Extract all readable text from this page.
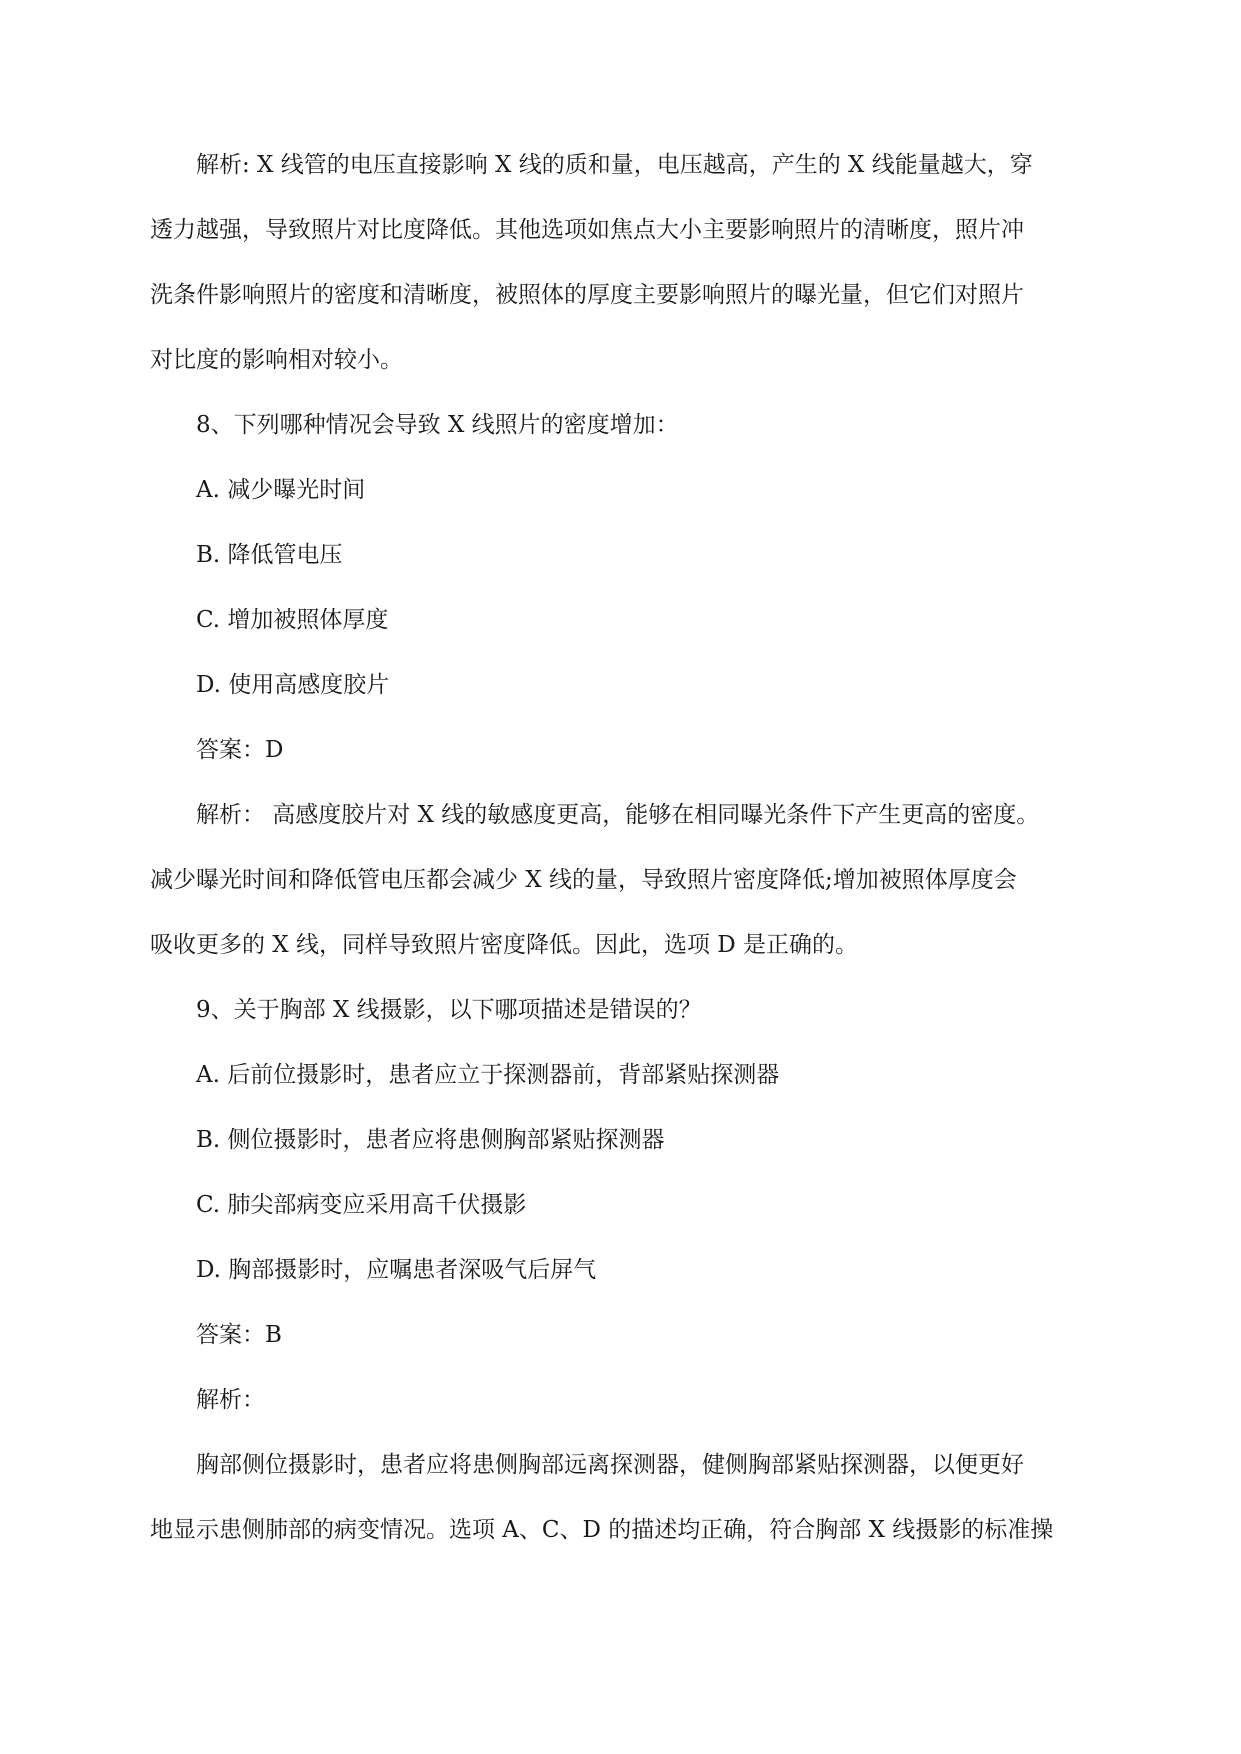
解析: X 线管的电压直接影响 X 线的质和量，电压越高，产生的 X 线能量越大，穿

透力越强，导致照片对比度降低。其他选项如焦点大小主要影响照片的清晰度，照片冲

洗条件影响照片的密度和清晰度，被照体的厚度主要影响照片的曝光量，但它们对照片

对比度的影响相对较小。

8、下列哪种情况会导致 X 线照片的密度增加：

A. 减少曝光时间

B. 降低管电压

C. 增加被照体厚度

D. 使用高感度胶片

答案：D

解析： 高感度胶片对 X 线的敏感度更高，能够在相同曝光条件下产生更高的密度。

减少曝光时间和降低管电压都会减少 X 线的量，导致照片密度降低;增加被照体厚度会

吸收更多的 X 线，同样导致照片密度降低。因此，选项 D 是正确的。

9、关于胸部 X 线摄影，以下哪项描述是错误的？

A. 后前位摄影时，患者应立于探测器前，背部紧贴探测器

B. 侧位摄影时，患者应将患侧胸部紧贴探测器

C. 肺尖部病变应采用高千伏摄影

D. 胸部摄影时，应嘱患者深吸气后屏气

答案：B

解析：

胸部侧位摄影时，患者应将患侧胸部远离探测器，健侧胸部紧贴探测器，以便更好

地显示患侧肺部的病变情况。选项 A、C、D 的描述均正确，符合胸部 X 线摄影的标准操
